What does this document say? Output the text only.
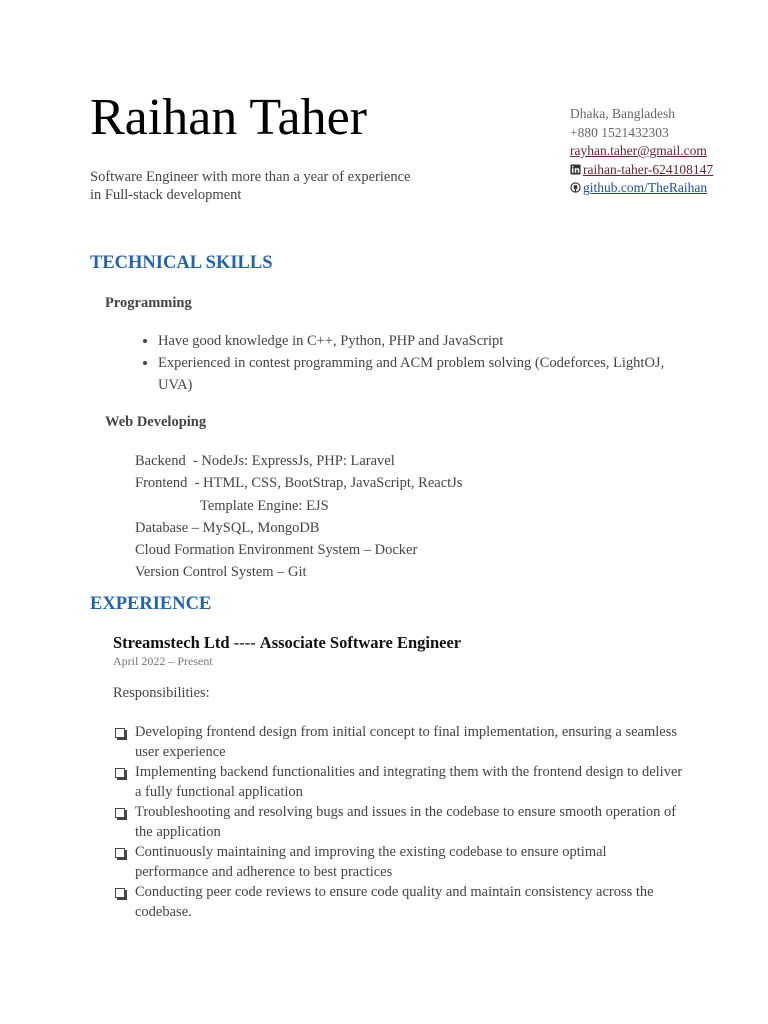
Raihan Taher
Software Engineer with more than a year of experience
in Full-stack development
Dhaka, Bangladesh
+880 1521432303
rayhan.taher@gmail.com
raihan-taher-624108147
github.com/TheRaihan
TECHNICAL SKILLS
Programming
• Have good knowledge in C++, Python, PHP and JavaScript
• Experienced in contest programming and ACM problem solving (Codeforces, LightOJ, UVA)
Web Developing
Backend  - NodeJs: ExpressJs, PHP: Laravel
Frontend  - HTML, CSS, BootStrap, JavaScript, ReactJs
Template Engine: EJS
Database – MySQL, MongoDB
Cloud Formation Environment System – Docker
Version Control System – Git
EXPERIENCE
Streamstech Ltd ---- Associate Software Engineer
April 2022 – Present
Responsibilities:
Developing frontend design from initial concept to final implementation, ensuring a seamless user experience
Implementing backend functionalities and integrating them with the frontend design to deliver a fully functional application
Troubleshooting and resolving bugs and issues in the codebase to ensure smooth operation of the application
Continuously maintaining and improving the existing codebase to ensure optimal performance and adherence to best practices
Conducting peer code reviews to ensure code quality and maintain consistency across the codebase.
